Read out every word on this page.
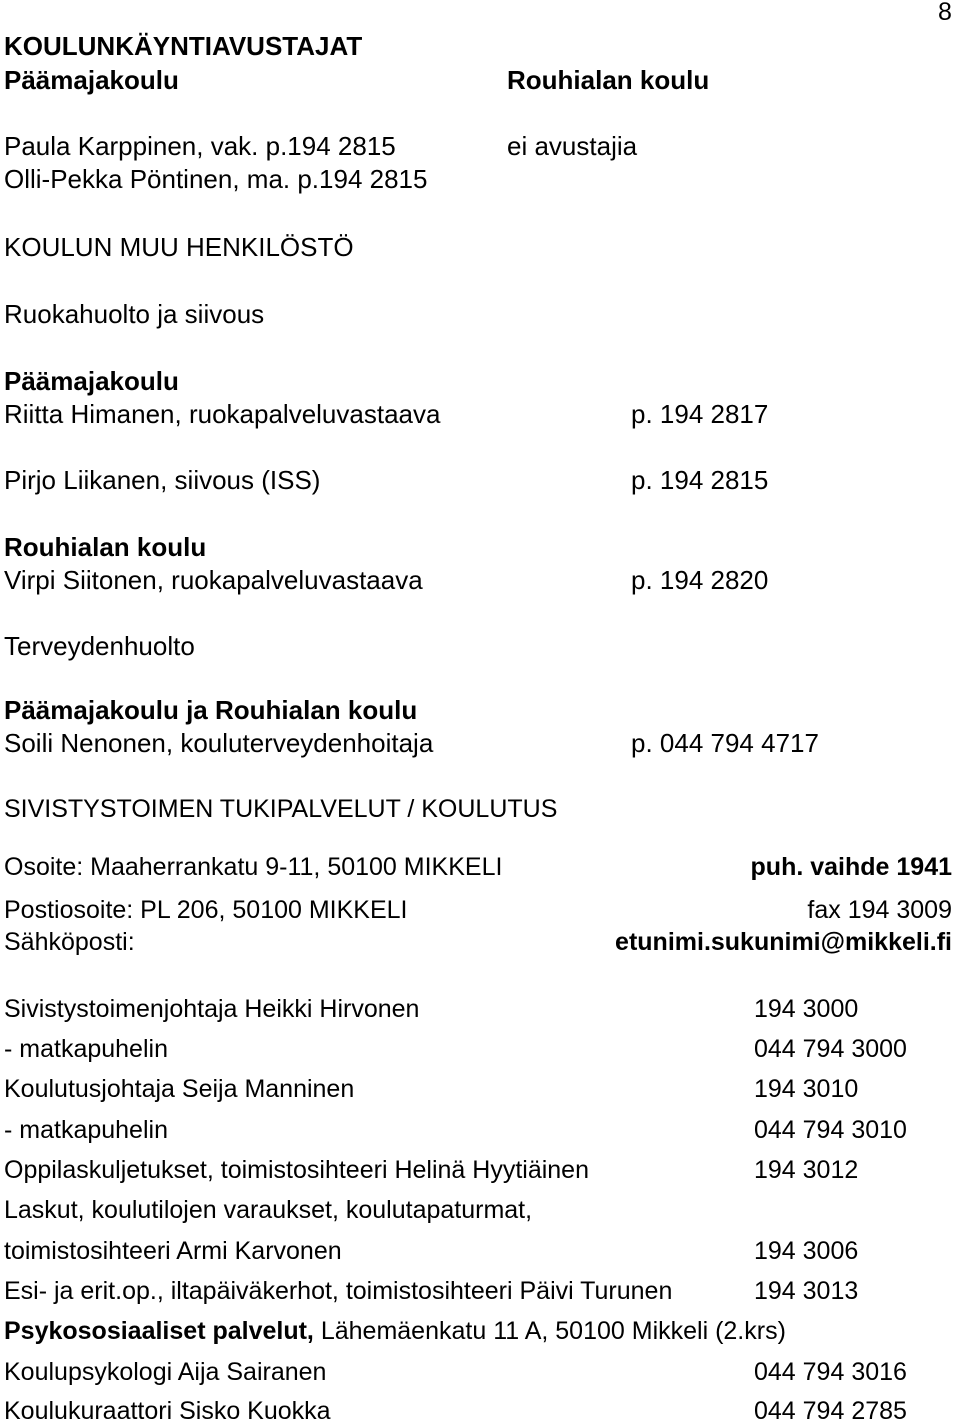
8
KOULUNKÄYNTIAVUSTAJAT
Päämajakoulu	Rouhialan koulu
Paula Karppinen, vak. p.194 2815	ei avustajia
Olli-Pekka Pöntinen, ma. p.194 2815
KOULUN MUU HENKILÖSTÖ
Ruokahuolto ja siivous
Päämajakoulu
Riitta Himanen, ruokapalveluvastaava	p. 194 2817
Pirjo Liikanen, siivous (ISS)	p. 194 2815
Rouhialan koulu
Virpi Siitonen, ruokapalveluvastaava	p. 194 2820
Terveydenhuolto
Päämajakoulu ja Rouhialan koulu
Soili Nenonen, kouluterveydenhoitaja	p. 044 794 4717
SIVISTYSTOIMEN TUKIPALVELUT / KOULUTUS
Osoite: Maaherrankatu 9-11, 50100 MIKKELI	puh. vaihde 1941
Postiosoite: PL 206, 50100 MIKKELI	fax 194 3009
Sähköposti:	etunimi.sukunimi@mikkeli.fi
Sivistystoimenjohtaja Heikki Hirvonen	194 3000
- matkapuhelin	044 794 3000
Koulutusjohtaja Seija Manninen	194 3010
- matkapuhelin	044 794 3010
Oppilaskuljetukset, toimistosihteeri Helinä Hyytiäinen	194 3012
Laskut, koulutilojen varaukset, koulutapaturmat,
toimistosihteeri Armi Karvonen	194 3006
Esi- ja erit.op., iltapäiväkerhot, toimistosihteeri Päivi Turunen	194 3013
Psykososiaaliset palvelut, Lähemäenkatu 11 A, 50100 Mikkeli (2.krs)
Koulupsykologi Aija Sairanen	044 794 3016
Koulukuraattori Sisko Kuokka	044 794 2785
